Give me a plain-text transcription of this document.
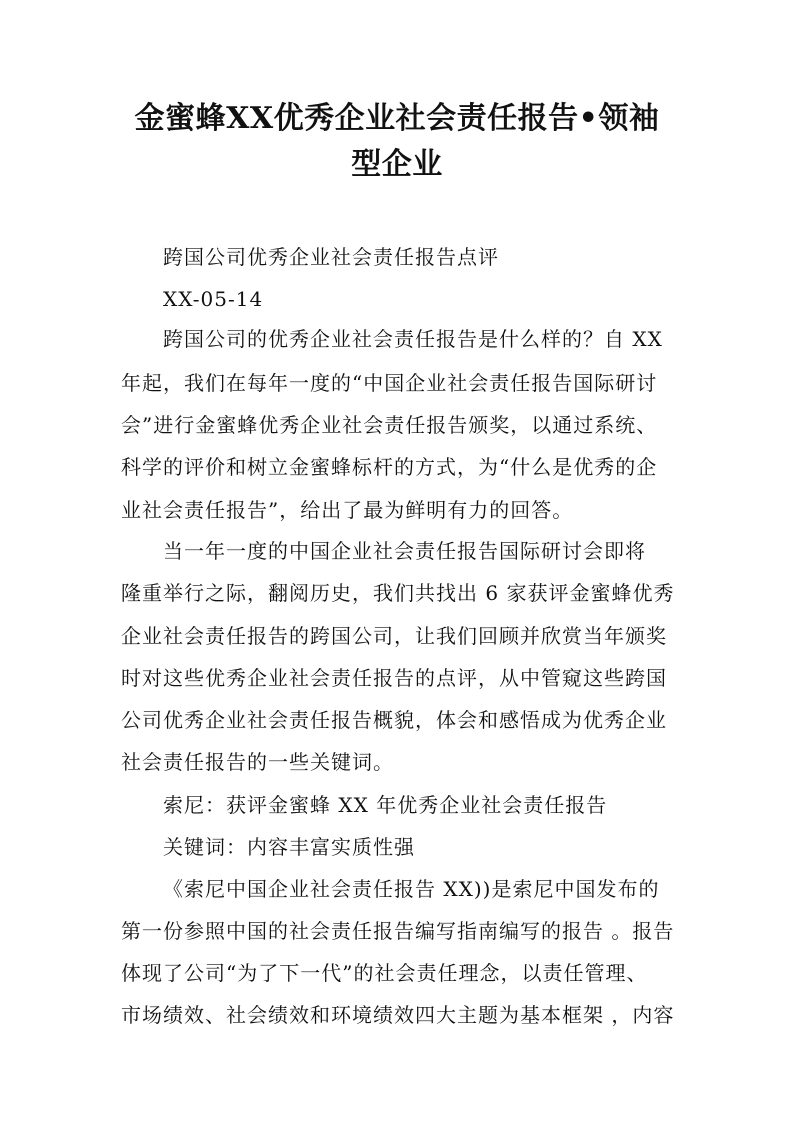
金蜜蜂XX优秀企业社会责任报告•领袖
型企业
跨国公司优秀企业社会责任报告点评
XX-05-14
跨国公司的优秀企业社会责任报告是什么样的？自 XX
年起，我们在每年一度的“中国企业社会责任报告国际研讨
会”进行金蜜蜂优秀企业社会责任报告颁奖，以通过系统、
科学的评价和树立金蜜蜂标杆的方式，为“什么是优秀的企
业社会责任报告”，给出了最为鲜明有力的回答。
当一年一度的中国企业社会责任报告国际研讨会即将
隆重举行之际，翻阅历史，我们共找出 6 家获评金蜜蜂优秀
企业社会责任报告的跨国公司，让我们回顾并欣赏当年颁奖
时对这些优秀企业社会责任报告的点评，从中管窥这些跨国
公司优秀企业社会责任报告概貌，体会和感悟成为优秀企业
社会责任报告的一些关键词。
索尼：获评金蜜蜂 XX 年优秀企业社会责任报告
关键词：内容丰富实质性强
《索尼中国企业社会责任报告 XX))是索尼中国发布的
第一份参照中国的社会责任报告编写指南编写的报告 。报告
体现了公司“为了下一代”的社会责任理念，以责任管理、
市场绩效、社会绩效和环境绩效四大主题为基本框架 ，内容
